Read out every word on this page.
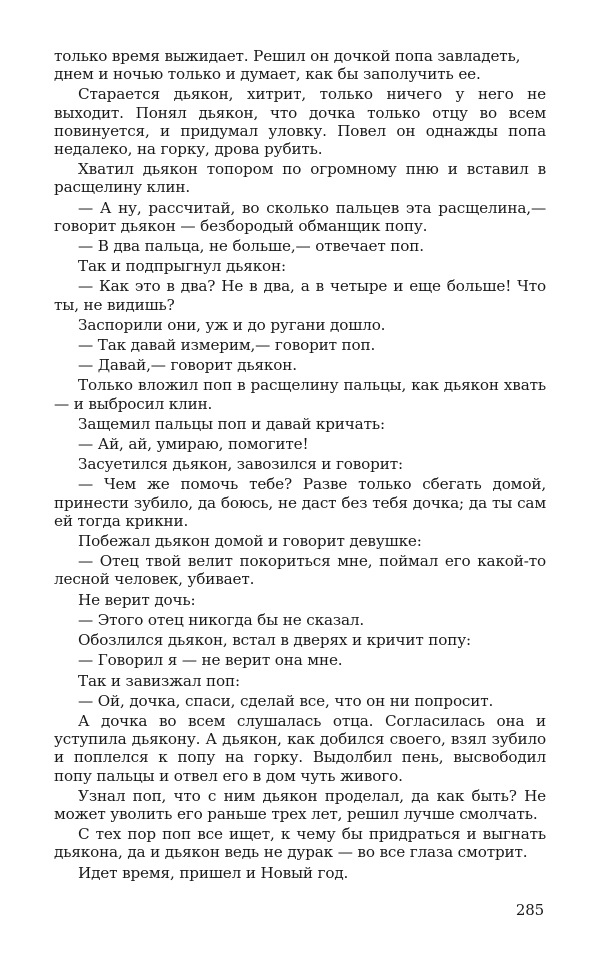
только время выжидает. Решил он дочкой попа завладеть,
днем и ночью только и думает, как бы заполучить ее.

Старается дьякон, хитрит, только ничего у него не выходит. Понял дьякон, что дочка только отцу во всем повинуется, и придумал уловку. Повел он однажды попа недалеко, на горку, дрова рубить.

Хватил дьякон топором по огромному пню и вставил в расщелину клин.

— А ну, рассчитай, во сколько пальцев эта расщелина,— говорит дьякон — безбородый обманщик попу.

— В два пальца, не больше,— отвечает поп.

Так и подпрыгнул дьякон:

— Как это в два? Не в два, а в четыре и еще больше! Что ты, не видишь?

Заспорили они, уж и до ругани дошло.

— Так давай измерим,— говорит поп.

— Давай,— говорит дьякон.

Только вложил поп в расщелину пальцы, как дьякон хвать — и выбросил клин.

Защемил пальцы поп и давай кричать:

— Ай, ай, умираю, помогите!

Засуетился дьякон, завозился и говорит:

— Чем же помочь тебе? Разве только сбегать домой, принести зубило, да боюсь, не даст без тебя дочка; да ты сам ей тогда крикни.

Побежал дьякон домой и говорит девушке:

— Отец твой велит покориться мне, поймал его какой-то лесной человек, убивает.

Не верит дочь:

— Этого отец никогда бы не сказал.

Обозлился дьякон, встал в дверях и кричит попу:

— Говорил я — не верит она мне.

Так и завизжал поп:

— Ой, дочка, спаси, сделай все, что он ни попросит.

А дочка во всем слушалась отца. Согласилась она и уступила дьякону. А дьякон, как добился своего, взял зубило и поплелся к попу на горку. Выдолбил пень, высвободил попу пальцы и отвел его в дом чуть живого.

Узнал поп, что с ним дьякон проделал, да как быть? Не может уволить его раньше трех лет, решил лучше смолчать.

С тех пор поп все ищет, к чему бы придраться и выгнать дьякона, да и дьякон ведь не дурак — во все глаза смотрит.

Идет время, пришел и Новый год.

285
